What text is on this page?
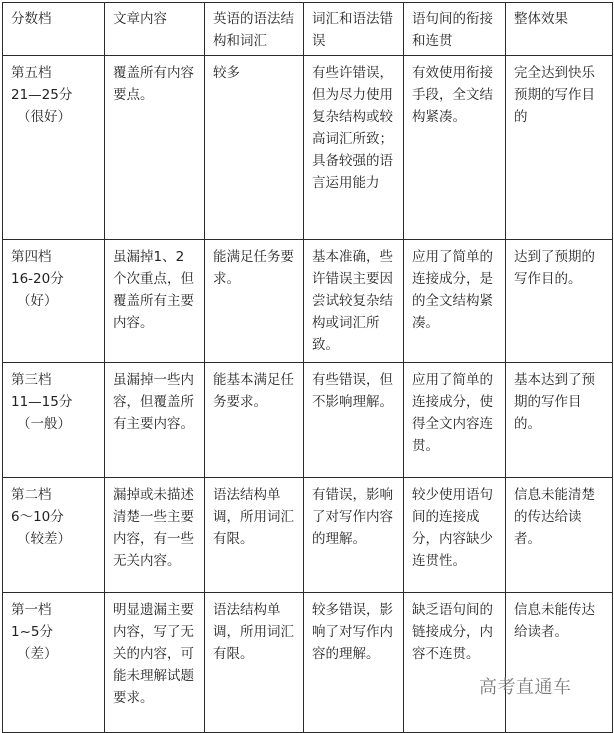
分数档	文章内容	英语的语法结构和词汇	词汇和语法错误	语句间的衔接和连贯	整体效果

第五档
21—25分
（很好）	覆盖所有内容要点。	较多	有些许错误，但为尽力使用复杂结构或较高词汇所致；具备较强的语言运用能力	有效使用衔接手段，全文结构紧凑。	完全达到快乐预期的写作目的

第四档
16-20分
（好）	虽漏掉1、2个次重点，但覆盖所有主要内容。	能满足任务要求。	基本准确，些许错误主要因尝试较复杂结构或词汇所致。	应用了简单的连接成分，是的全文结构紧凑。	达到了预期的写作目的。

第三档
11—15分
（一般）	虽漏掉一些内容，但覆盖所有主要内容。	能基本满足任务要求。	有些错误，但不影响理解。	应用了简单的连接成分，使得全文内容连贯。	基本达到了预期的写作目的。

第二档
6～10分
（较差）	漏掉或未描述清楚一些主要内容，有一些无关内容。	语法结构单调，所用词汇有限。	有错误，影响了对写作内容的理解。	较少使用语句间的连接成分，内容缺少连贯性。	信息未能清楚的传达给读者。

第一档
1~5分
（差）	明显遗漏主要内容，写了无关的内容，可能未理解试题要求。	语法结构单调，所用词汇有限。	较多错误，影响了对写作内容的理解。	缺乏语句间的链接成分，内容不连贯。	信息未能传达给读者。
高考直通车
